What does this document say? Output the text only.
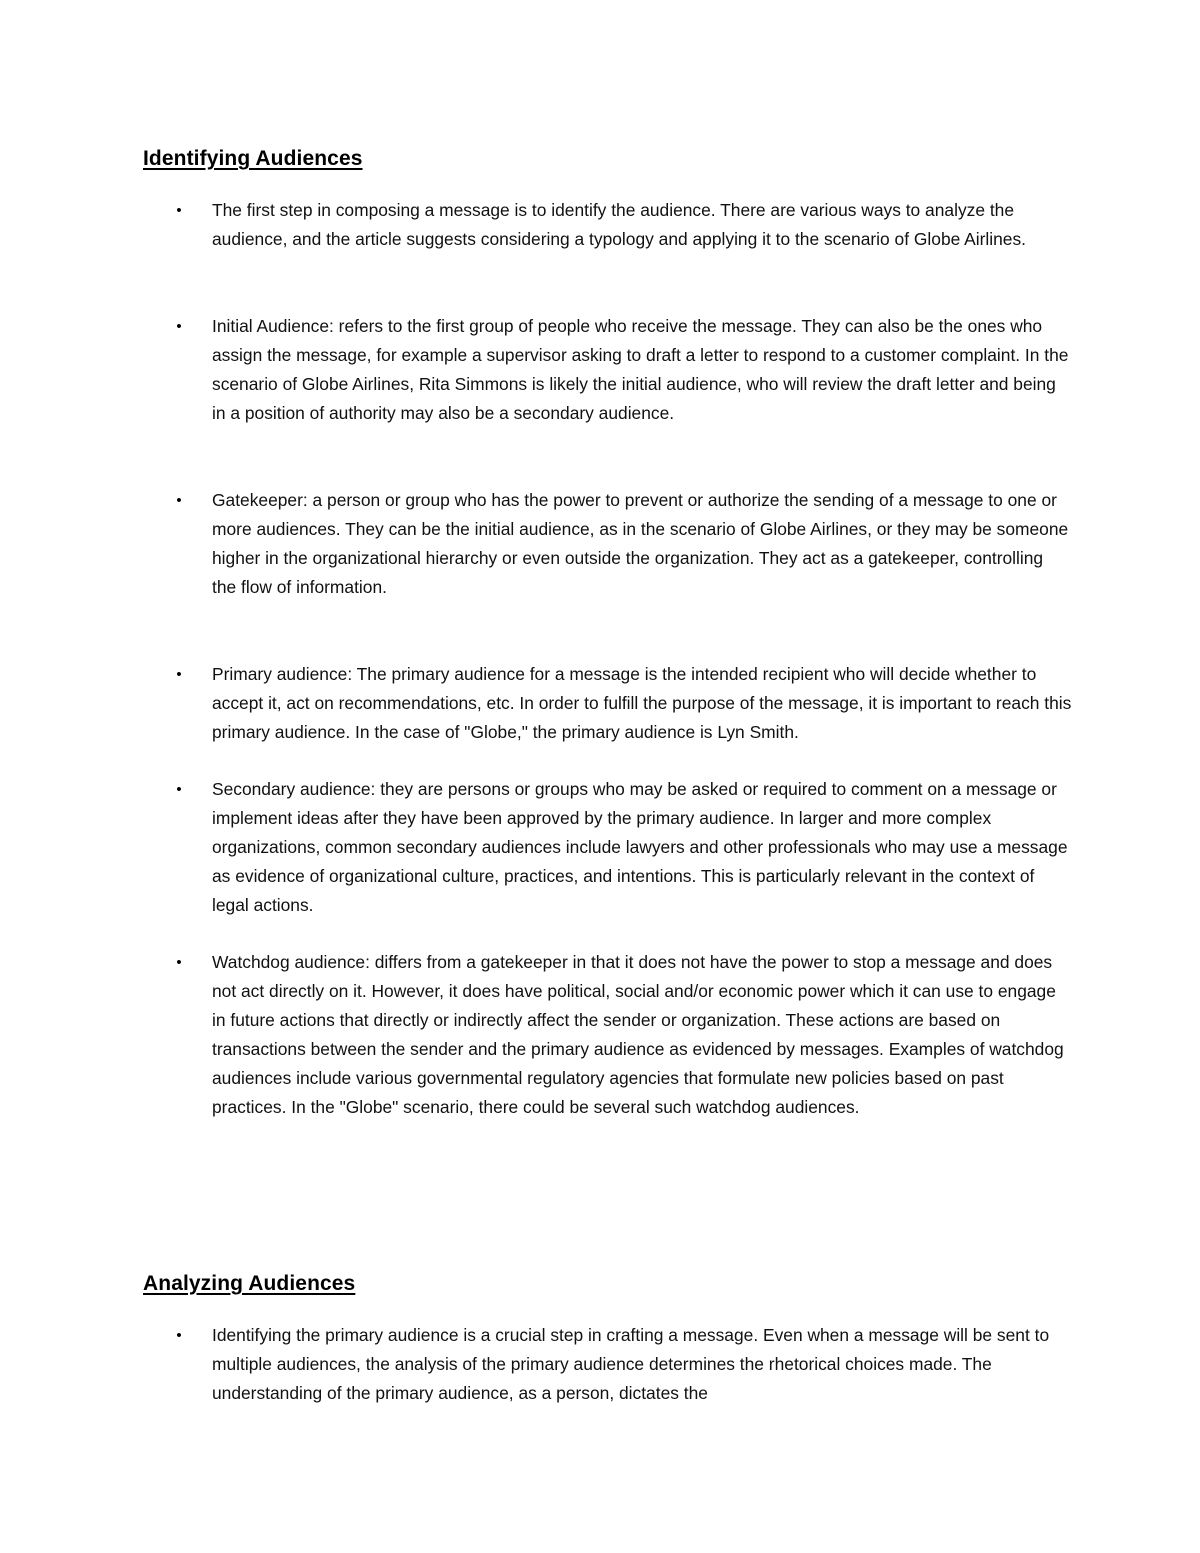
Identifying Audiences
• The first step in composing a message is to identify the audience. There are various ways to analyze the audience, and the article suggests considering a typology and applying it to the scenario of Globe Airlines.
• Initial Audience: refers to the first group of people who receive the message. They can also be the ones who assign the message, for example a supervisor asking to draft a letter to respond to a customer complaint. In the scenario of Globe Airlines, Rita Simmons is likely the initial audience, who will review the draft letter and being in a position of authority may also be a secondary audience.
• Gatekeeper: a person or group who has the power to prevent or authorize the sending of a message to one or more audiences. They can be the initial audience, as in the scenario of Globe Airlines, or they may be someone higher in the organizational hierarchy or even outside the organization. They act as a gatekeeper, controlling the flow of information.
• Primary audience: The primary audience for a message is the intended recipient who will decide whether to accept it, act on recommendations, etc. In order to fulfill the purpose of the message, it is important to reach this primary audience. In the case of "Globe," the primary audience is Lyn Smith.
• Secondary audience: they are persons or groups who may be asked or required to comment on a message or implement ideas after they have been approved by the primary audience. In larger and more complex organizations, common secondary audiences include lawyers and other professionals who may use a message as evidence of organizational culture, practices, and intentions. This is particularly relevant in the context of legal actions.
• Watchdog audience: differs from a gatekeeper in that it does not have the power to stop a message and does not act directly on it. However, it does have political, social and/or economic power which it can use to engage in future actions that directly or indirectly affect the sender or organization. These actions are based on transactions between the sender and the primary audience as evidenced by messages. Examples of watchdog audiences include various governmental regulatory agencies that formulate new policies based on past practices. In the "Globe" scenario, there could be several such watchdog audiences.
Analyzing Audiences
• Identifying the primary audience is a crucial step in crafting a message. Even when a message will be sent to multiple audiences, the analysis of the primary audience determines the rhetorical choices made. The understanding of the primary audience, as a person, dictates the
